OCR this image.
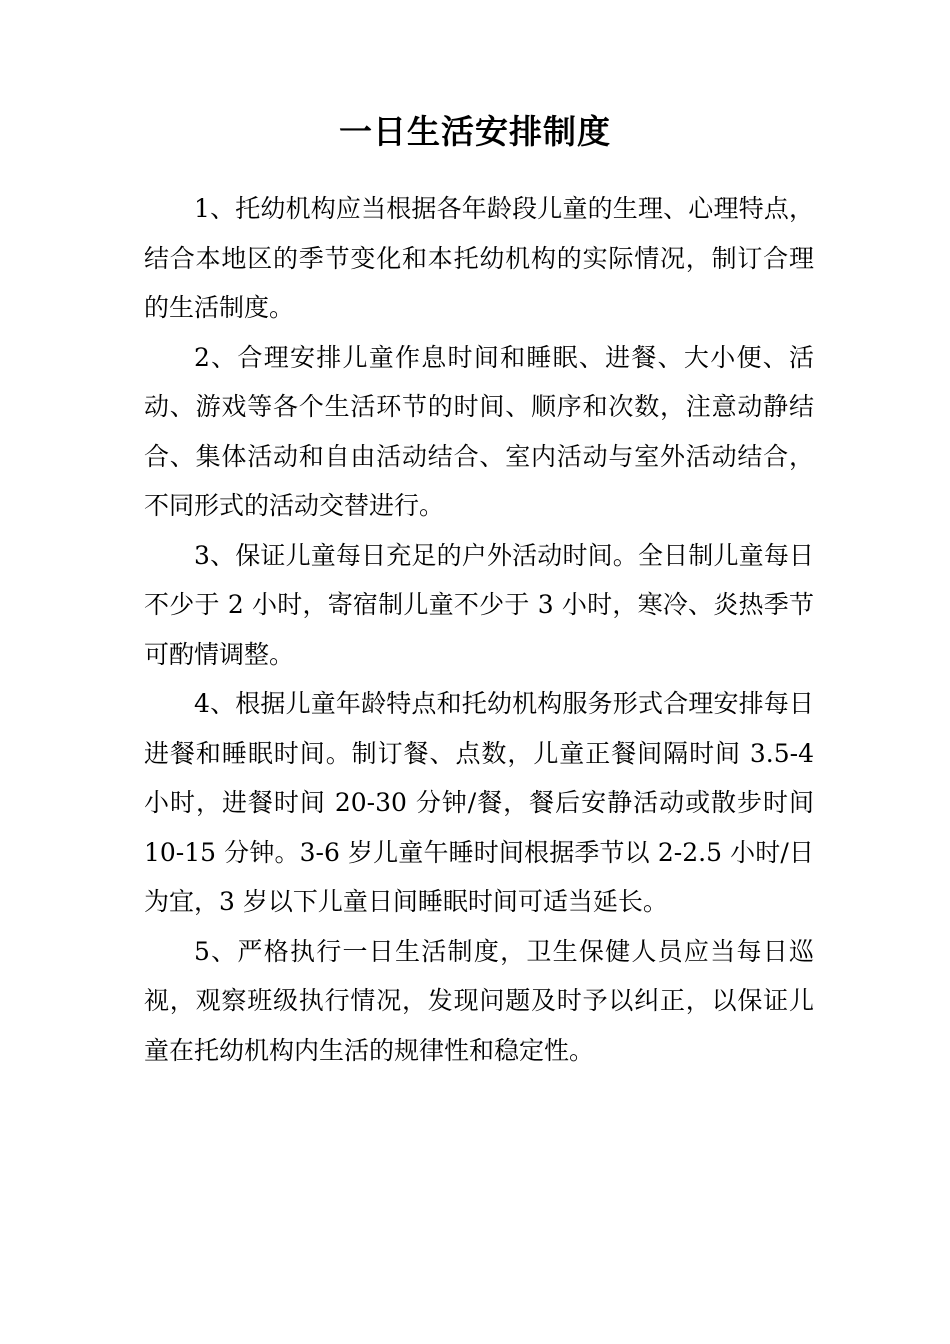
一日生活安排制度

1、托幼机构应当根据各年龄段儿童的生理、心理特点，结合本地区的季节变化和本托幼机构的实际情况，制订合理的生活制度。

2、合理安排儿童作息时间和睡眠、进餐、大小便、活动、游戏等各个生活环节的时间、顺序和次数，注意动静结合、集体活动和自由活动结合、室内活动与室外活动结合，不同形式的活动交替进行。

3、保证儿童每日充足的户外活动时间。全日制儿童每日不少于 2 小时，寄宿制儿童不少于 3 小时，寒冷、炎热季节可酌情调整。

4、根据儿童年龄特点和托幼机构服务形式合理安排每日进餐和睡眠时间。制订餐、点数，儿童正餐间隔时间 3.5-4 小时，进餐时间 20-30 分钟/餐，餐后安静活动或散步时间 10-15 分钟。3-6 岁儿童午睡时间根据季节以 2-2.5 小时/日为宜，3 岁以下儿童日间睡眠时间可适当延长。

5、严格执行一日生活制度，卫生保健人员应当每日巡视，观察班级执行情况，发现问题及时予以纠正，以保证儿童在托幼机构内生活的规律性和稳定性。
